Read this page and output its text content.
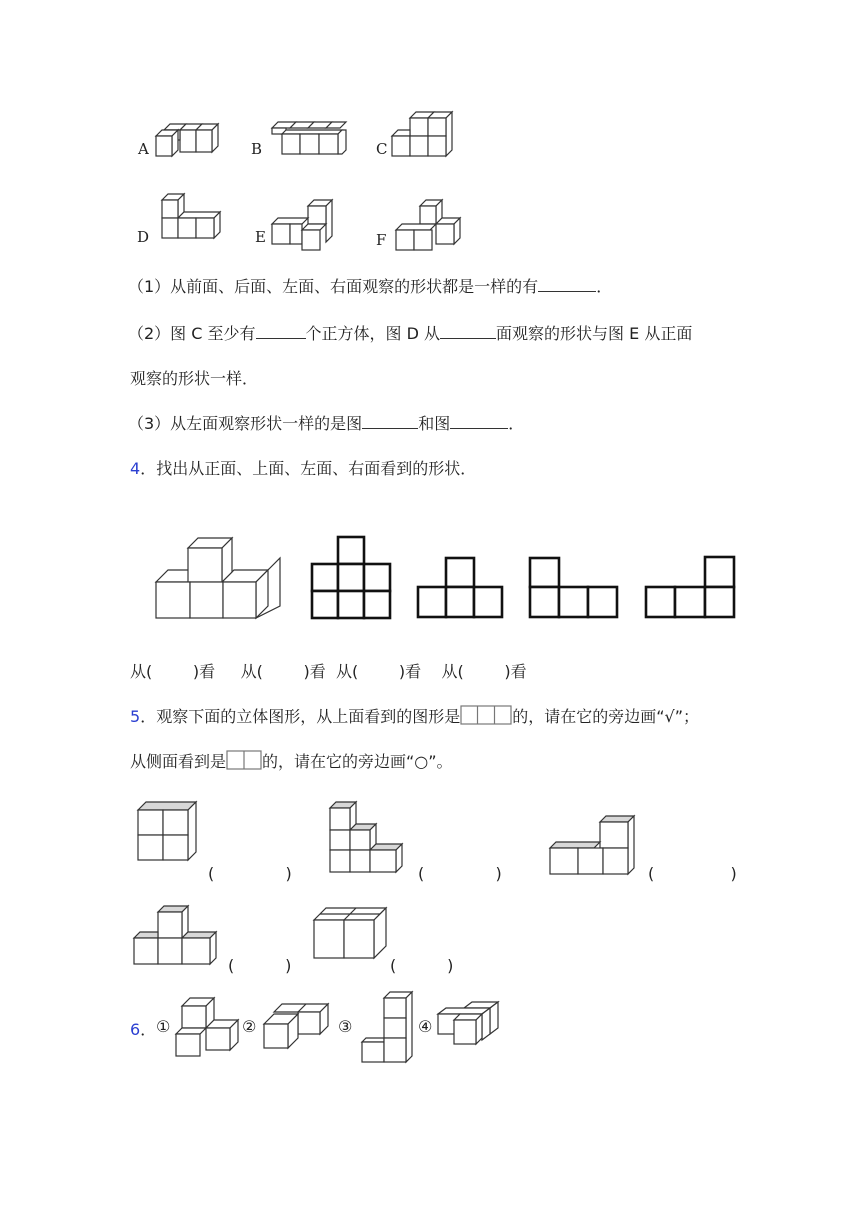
A	B	C
D	E	F
（1）从前面、后面、左面、右面观察的形状都是一样的有	．
（2）图 C 至少有	个正方体，图 D 从	面观察的形状与图 E 从正面
观察的形状一样．
（3）从左面观察形状一样的是图	和图	．
4．找出从正面、上面、左面、右面看到的形状．
从(        )看     从(        )看  从(        )看    从(        )看
5．观察下面的立体图形，从上面看到的图形是	的，请在它的旁边画“√”；
从侧面看到是 的，请在它的旁边画“○”。
(              )	(              )	(               )
(          )	(          )
6． ①	②	③	④
